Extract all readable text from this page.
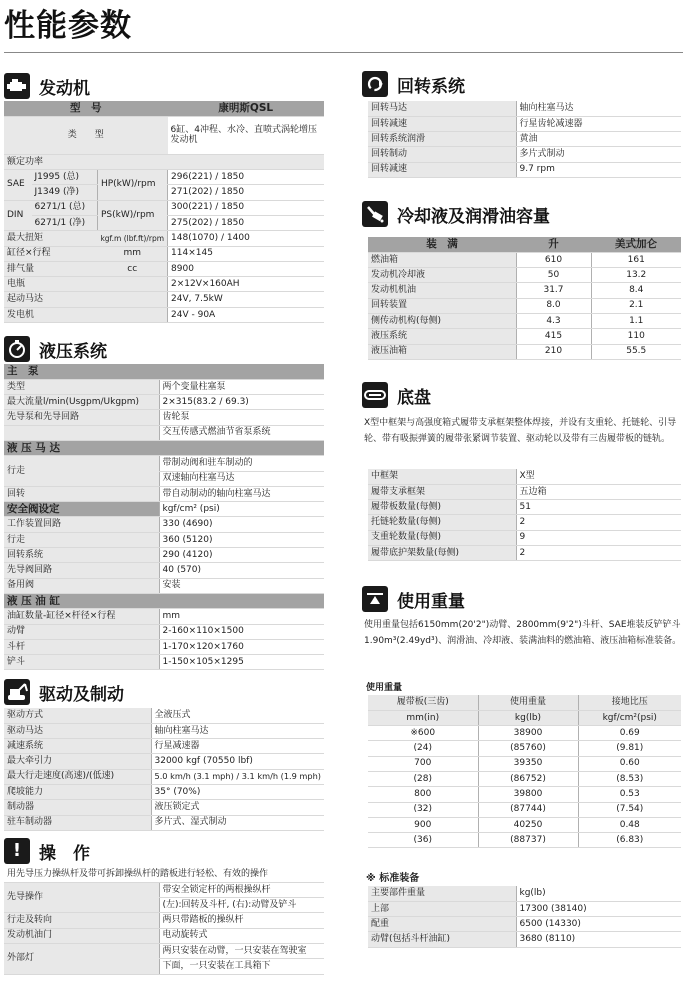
性能参数
发动机
型　号			康明斯QSL
类　　型			6缸、4冲程、水冷、直喷式涡轮增压发动机
额定功率			
SAE	J1995 (总)	HP(kW)/rpm	296(221) / 1850
	J1349 (净)		271(202) / 1850
DIN	6271/1 (总)	PS(kW)/rpm	300(221) / 1850
	6271/1 (净)		275(202) / 1850
最大扭矩		kgf.m (lbf.ft)/rpm	148(1070) / 1400
缸径×行程		mm	114×145
排气量		cc	8900
电瓶			2×12V×160AH
起动马达			24V, 7.5kW
发电机			24V - 90A
液压系统
主　泵	
类型	两个变量柱塞泵
最大流量l/min(Usgpm/Ukgpm)	2×315(83.2 / 69.3)
先导泵和先导回路	齿轮泵
	交互传感式燃油节省泵系统
液 压 马 达	
行走	带制动阀和驻车制动的
	双速轴向柱塞马达
回转	带自动制动的轴向柱塞马达
安全阀设定	kgf/cm² (psi)
工作装置回路	330 (4690)
行走	360 (5120)
回转系统	290 (4120)
先导阀回路	40 (570)
备用阀	安装
液 压 油 缸	
油缸数量-缸径×杆径×行程	mm
动臂	2-160×110×1500
斗杆	1-170×120×1760
铲斗	1-150×105×1295
驱动及制动
驱动方式	全液压式
驱动马达	轴向柱塞马达
减速系统	行星减速器
最大牵引力	32000 kgf (70550 lbf)
最大行走速度(高速)/(低速)	5.0 km/h (3.1 mph) / 3.1 km/h (1.9 mph)
爬坡能力	35° (70%)
制动器	液压锁定式
驻车制动器	多片式、湿式制动
!	操　作
用先导压力操纵杆及带可拆卸操纵杆的踏板进行轻松、有效的操作	
先导操作	带安全锁定杆的两根操纵杆
	(左):回转及斗杆, (右):动臂及铲斗
行走及转向	两只带踏板的操纵杆
发动机油门	电动旋转式
外部灯	两只安装在动臂，一只安装在驾驶室
	下面，一只安装在工具箱下
回转系统
回转马达	轴向柱塞马达
回转减速	行星齿轮减速器
回转系统润滑	黄油
回转制动	多片式制动
回转减速	9.7 rpm
冷却液及润滑油容量
装　满	升	美式加仑
燃油箱	610	161
发动机冷却液	50	13.2
发动机机油	31.7	8.4
回转装置	8.0	2.1
侧传动机构(每侧)	4.3	1.1
液压系统	415	110
液压油箱	210	55.5
底盘

X型中框架与高强度箱式履带支承框架整体焊接，并设有支重轮、托链轮、引导轮、带有吸振弹簧的履带张紧调节装置、驱动轮以及带有三齿履带板的链轨。

中框架	X型
履带支承框架	五边箱
履带板数量(每侧)	51
托链轮数量(每侧)	2
支重轮数量(每侧)	9
履带底护架数量(每侧)	2
使用重量

使用重量包括6150mm(20'2")动臂、2800mm(9'2")斗杆、SAE堆装反铲铲斗1.90m³(2.49yd³)、润滑油、冷却液、装满油料的燃油箱、液压油箱标准装备。

使用重量
履带板(三齿)	使用重量	接地比压
mm(in)	kg(lb)	kgf/cm²(psi)
※600	38900	0.69
(24)	(85760)	(9.81)
700	39350	0.60
(28)	(86752)	(8.53)
800	39800	0.53
(32)	(87744)	(7.54)
900	40250	0.48
(36)	(88737)	(6.83)
※ 标准装备
主要部件重量	kg(lb)
上部	17300 (38140)
配重	6500 (14330)
动臂(包括斗杆油缸)	3680 (8110)
